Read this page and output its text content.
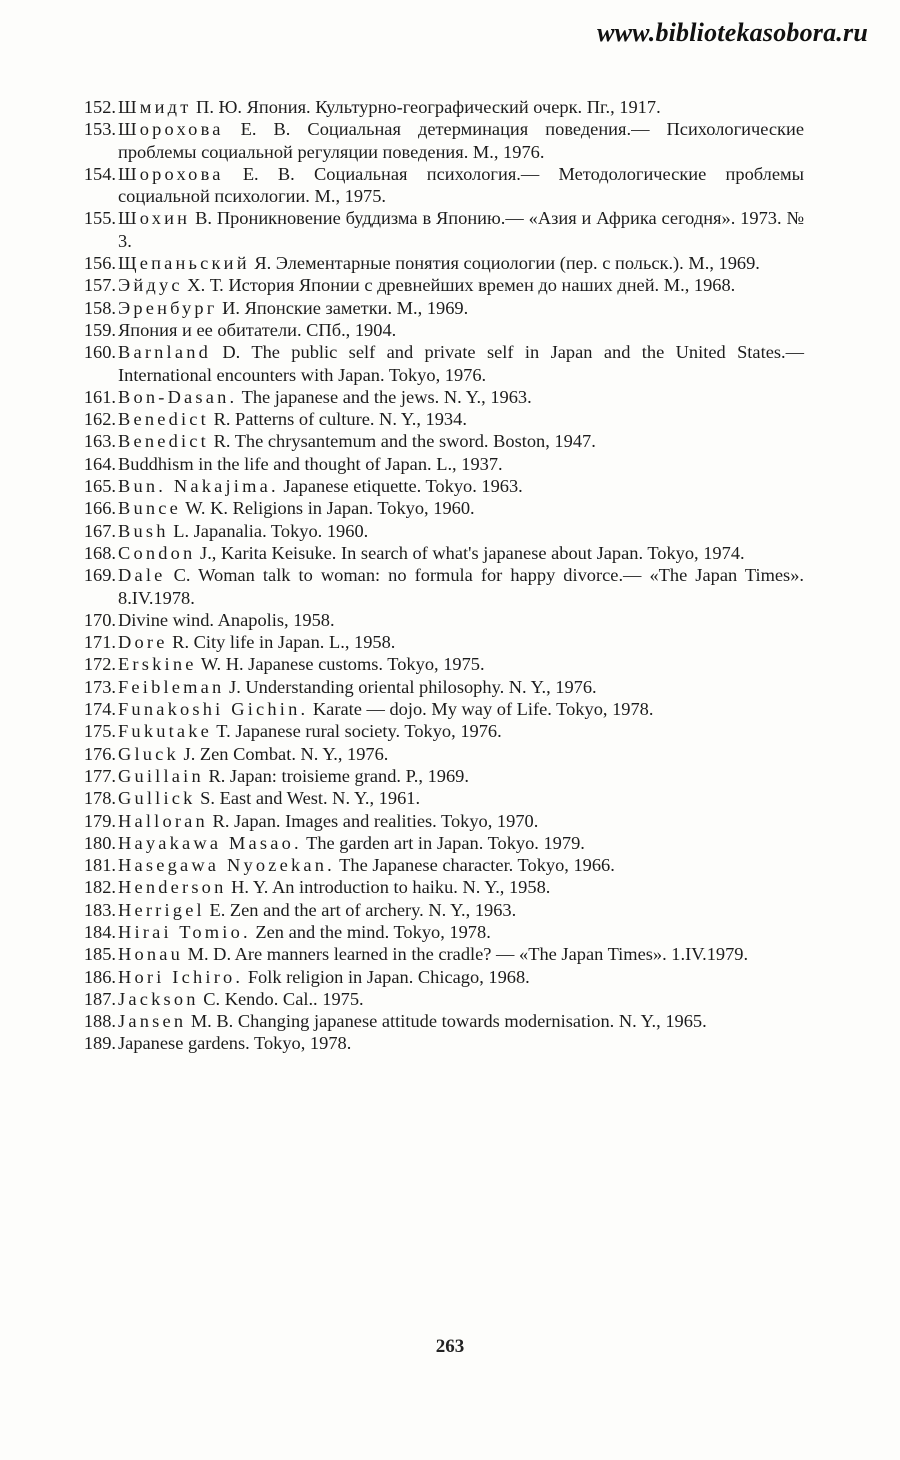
www.bibliotekasobora.ru
152. Шмидт П. Ю. Япония. Культурно-географический очерк. Пг., 1917.
153. Шорохова Е. В. Социальная детерминация поведения.— Психологические проблемы социальной регуляции поведения. М., 1976.
154. Шорохова Е. В. Социальная психология.— Методологические проблемы социальной психологии. М., 1975.
155. Шохин В. Проникновение буддизма в Японию.— «Азия и Африка сегодня». 1973. № 3.
156. Щепаньский Я. Элементарные понятия социологии (пер. с польск.). М., 1969.
157. Эйдус X. Т. История Японии с древнейших времен до наших дней. М., 1968.
158. Эренбург И. Японские заметки. М., 1969.
159. Япония и ее обитатели. СПб., 1904.
160. Barnland D. The public self and private self in Japan and the United States.— International encounters with Japan. Tokyo, 1976.
161. Bon-Dasan. The japanese and the jews. N. Y., 1963.
162. Benedict R. Patterns of culture. N. Y., 1934.
163. Benedict R. The chrysantemum and the sword. Boston, 1947.
164. Buddhism in the life and thought of Japan. L., 1937.
165. Bun. Nakajima. Japanese etiquette. Tokyo. 1963.
166. Bunce W. K. Religions in Japan. Tokyo, 1960.
167. Bush L. Japanalia. Tokyo. 1960.
168. Condon J., Karita Keisuke. In search of what's japanese about Japan. Tokyo, 1974.
169. Dale C. Woman talk to woman: no formula for happy divorce.— «The Japan Times». 8.IV.1978.
170. Divine wind. Anapolis, 1958.
171. Dore R. City life in Japan. L., 1958.
172. Erskine W. H. Japanese customs. Tokyo, 1975.
173. Feibleman J. Understanding oriental philosophy. N. Y., 1976.
174. Funakoshi Gichin. Karate — dojo. My way of Life. Tokyo, 1978.
175. Fukutake T. Japanese rural society. Tokyo, 1976.
176. Gluck J. Zen Combat. N. Y., 1976.
177. Guillain R. Japan: troisieme grand. P., 1969.
178. Gullick S. East and West. N. Y., 1961.
179. Halloran R. Japan. Images and realities. Tokyo, 1970.
180. Hayakawa Masao. The garden art in Japan. Tokyo. 1979.
181. Hasegawa Nyozekan. The Japanese character. Tokyo, 1966.
182. Henderson H. Y. An introduction to haiku. N. Y., 1958.
183. Herrigel E. Zen and the art of archery. N. Y., 1963.
184. Hirai Tomio. Zen and the mind. Tokyo, 1978.
185. Honau M. D. Are manners learned in the cradle? — «The Japan Times». 1.IV.1979.
186. Hori Ichiro. Folk religion in Japan. Chicago, 1968.
187. Jackson C. Kendo. Cal.. 1975.
188. Jansen M. B. Changing japanese attitude towards modernisation. N. Y., 1965.
189. Japanese gardens. Tokyo, 1978.
263
